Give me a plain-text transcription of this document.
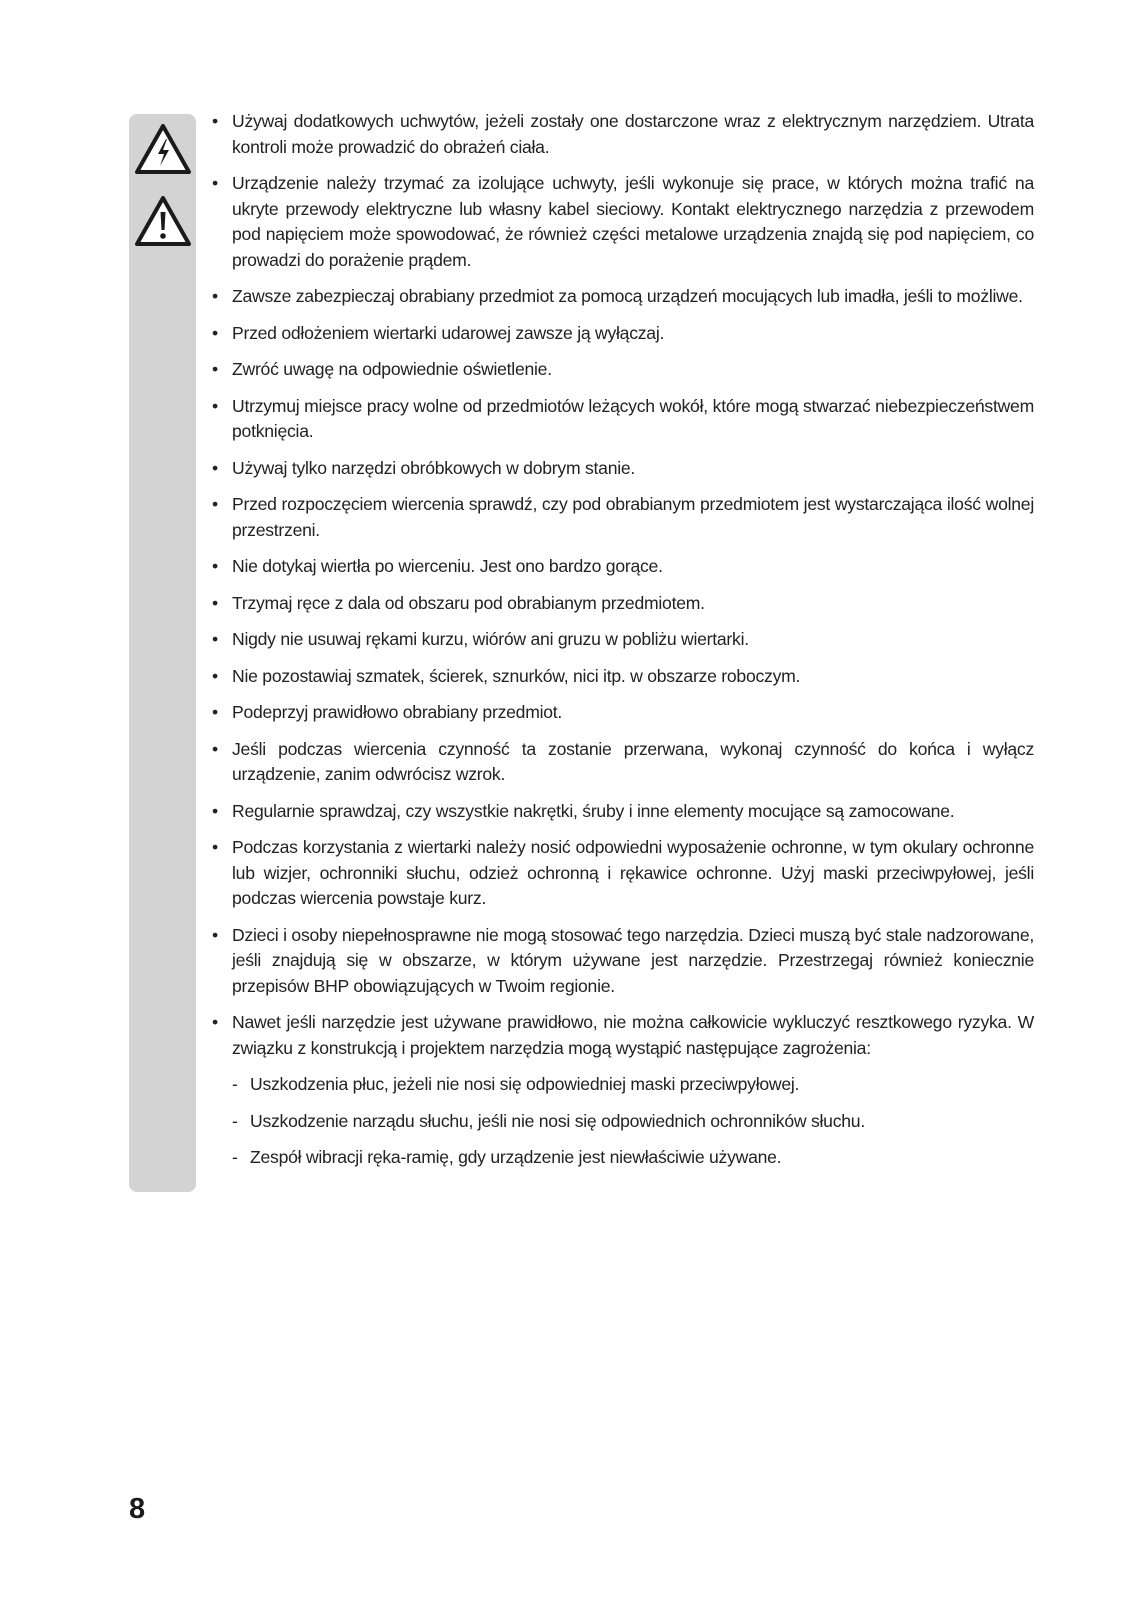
• Używaj dodatkowych uchwytów, jeżeli zostały one dostarczone wraz z elektrycznym narzędziem. Utrata kontroli może prowadzić do obrażeń ciała.
• Urządzenie należy trzymać za izolujące uchwyty, jeśli wykonuje się prace, w których można trafić na ukryte przewody elektryczne lub własny kabel sieciowy. Kontakt elektrycznego narzędzia z przewodem pod napięciem może spowodować, że również części metalowe urządzenia znajdą się pod napięciem, co prowadzi do porażenie prądem.
• Zawsze zabezpieczaj obrabiany przedmiot za pomocą urządzeń mocujących lub imadła, jeśli to możliwe.
• Przed odłożeniem wiertarki udarowej zawsze ją wyłączaj.
• Zwróć uwagę na odpowiednie oświetlenie.
• Utrzymuj miejsce pracy wolne od przedmiotów leżących wokół, które mogą stwarzać niebezpieczeństwem potknięcia.
• Używaj tylko narzędzi obróbkowych w dobrym stanie.
• Przed rozpoczęciem wiercenia sprawdź, czy pod obrabianym przedmiotem jest wystarczająca ilość wolnej przestrzeni.
• Nie dotykaj wiertła po wierceniu. Jest ono bardzo gorące.
• Trzymaj ręce z dala od obszaru pod obrabianym przedmiotem.
• Nigdy nie usuwaj rękami kurzu, wiórów ani gruzu w pobliżu wiertarki.
• Nie pozostawiaj szmatek, ścierek, sznurków, nici itp. w obszarze roboczym.
• Podeprzyj prawidłowo obrabiany przedmiot.
• Jeśli podczas wiercenia czynność ta zostanie przerwana, wykonaj czynność do końca i wyłącz urządzenie, zanim odwrócisz wzrok.
• Regularnie sprawdzaj, czy wszystkie nakrętki, śruby i inne elementy mocujące są zamocowane.
• Podczas korzystania z wiertarki należy nosić odpowiedni wyposażenie ochronne, w tym okulary ochronne lub wizjer, ochronniki słuchu, odzież ochronną i rękawice ochronne. Użyj maski przeciwpyłowej, jeśli podczas wiercenia powstaje kurz.
• Dzieci i osoby niepełnosprawne nie mogą stosować tego narzędzia. Dzieci muszą być stale nadzorowane, jeśli znajdują się w obszarze, w którym używane jest narzędzie. Przestrzegaj również koniecznie przepisów BHP obowiązujących w Twoim regionie.
• Nawet jeśli narzędzie jest używane prawidłowo, nie można całkowicie wykluczyć resztkowego ryzyka. W związku z konstrukcją i projektem narzędzia mogą wystąpić następujące zagrożenia:
- Uszkodzenia płuc, jeżeli nie nosi się odpowiedniej maski przeciwpyłowej.
- Uszkodzenie narządu słuchu, jeśli nie nosi się odpowiednich ochronników słuchu.
- Zespół wibracji ręka-ramię, gdy urządzenie jest niewłaściwie używane.
8
